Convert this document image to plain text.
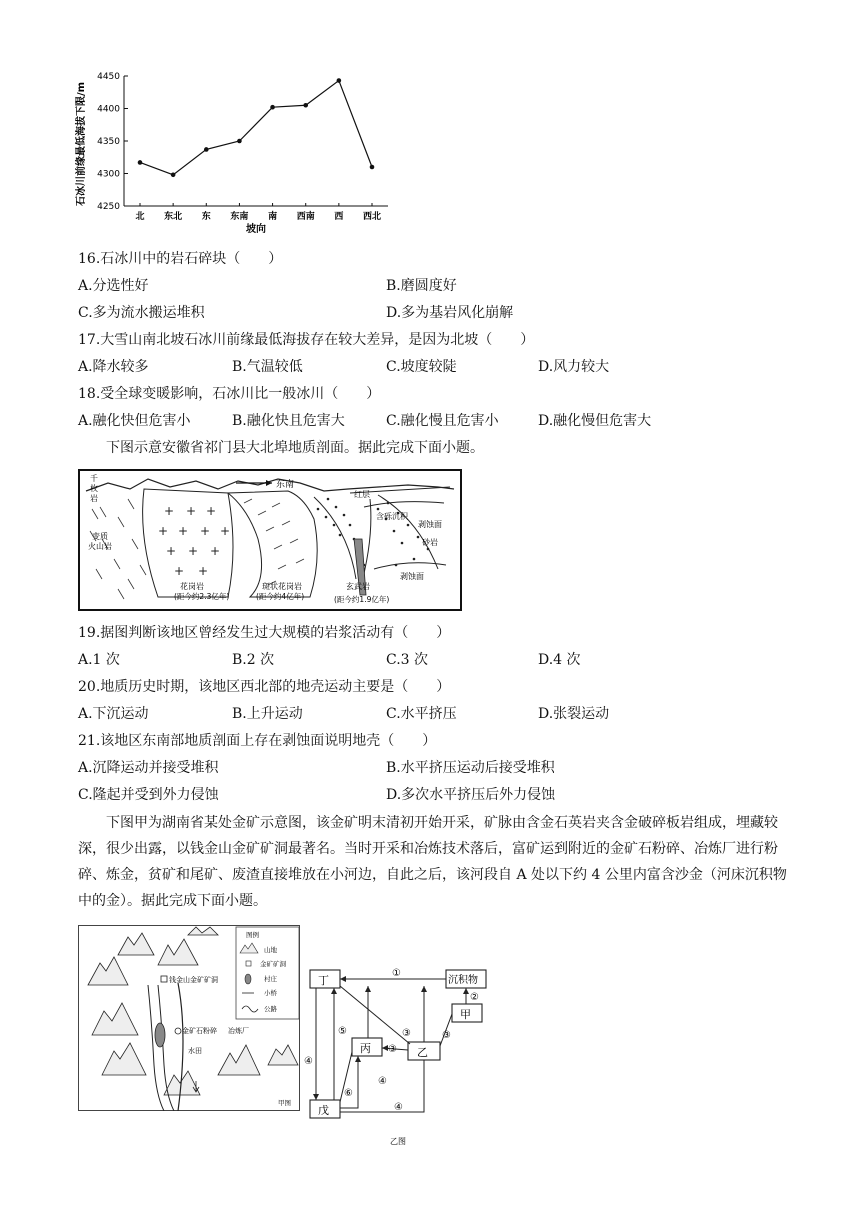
4250
4300
4350
4400
4450
北 东北 东 东南 南 西南 西 西北
石冰川前缘最低海拔下限/m
坡向
16.石冰川中的岩石碎块（　　）
A.分选性好	B.磨圆度好
C.多为流水搬运堆积	D.多为基岩风化崩解
17.大雪山南北坡石冰川前缘最低海拔存在较大差异，是因为北坡（　　）
A.降水较多	B.气温较低	C.坡度较陡	D.风力较大
18.受全球变暖影响，石冰川比一般冰川（　　）
A.融化快但危害小	B.融化快且危害大	C.融化慢且危害小	D.融化慢但危害大
下图示意安徽省祁门县大北埠地质剖面。据此完成下面小题。
+ + +
+ + + +
+ + +
+ +
东南
千枚岩
变质火山岩
红层
含砾沉积
剥蚀面
砂岩
剥蚀面
花岗岩
(距今约2.3亿年)
斑状花岗岩
(距今约4亿年)
玄武岩
(距今约1.9亿年)
19.据图判断该地区曾经发生过大规模的岩浆活动有（　　）
A.1 次	B.2 次	C.3 次	D.4 次
20.地质历史时期，该地区西北部的地壳运动主要是（　　）
A.下沉运动	B.上升运动	C.水平挤压	D.张裂运动
21.该地区东南部地质剖面上存在剥蚀面说明地壳（　　）
A.沉降运动并接受堆积	B.水平挤压运动后接受堆积
C.隆起并受到外力侵蚀	D.多次水平挤压后外力侵蚀
下图甲为湖南省某处金矿示意图，该金矿明末清初开始开采，矿脉由含金石英岩夹含金破碎板岩组成，埋藏较深，很少出露，以钱金山金矿矿洞最著名。当时开采和冶炼技术落后，富矿运到附近的金矿石粉碎、冶炼厂进行粉碎、炼金，贫矿和尾矿、废渣直接堆放在小河边，自此之后，该河段自 A 处以下约 4 公里内富含沙金（河床沉积物中的金）。据此完成下面小题。
钱金山金矿矿洞
金矿石粉碎 冶炼厂
水田
图例
山地
金矿矿洞
村庄
小桥
公路
甲图
丁	沉积物
甲
丙	乙
戊
①
②
③
③
③
④
④
④
⑤
⑥
乙图
